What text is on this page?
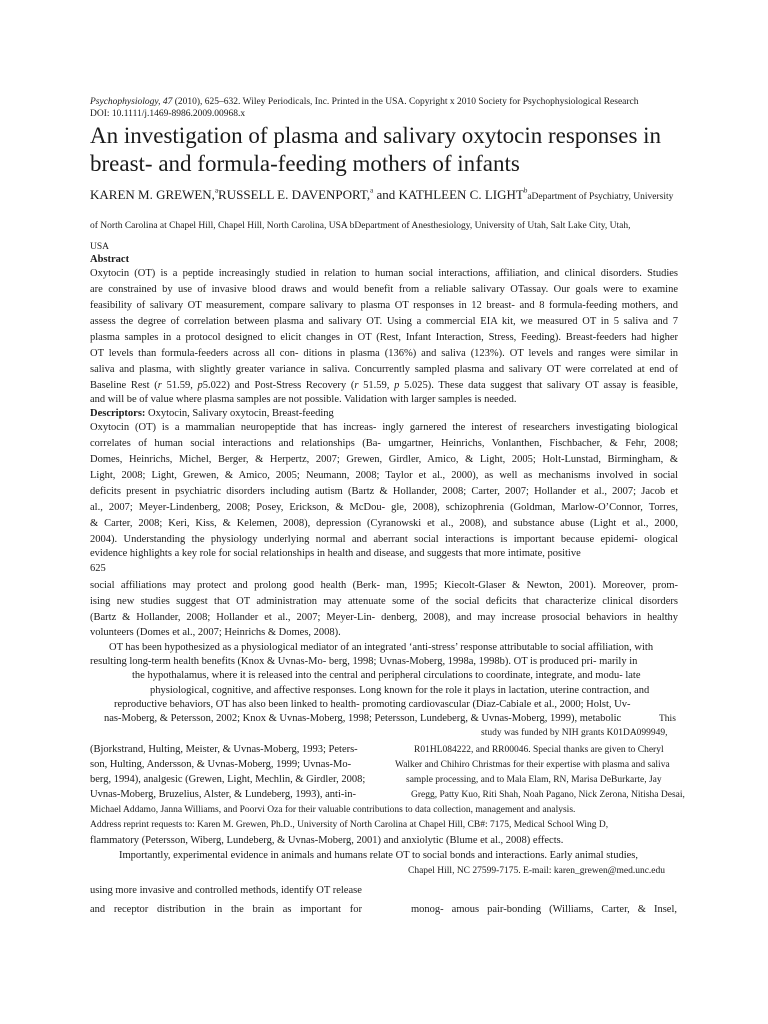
Psychophysiology, 47 (2010), 625–632. Wiley Periodicals, Inc. Printed in the USA. Copyright x 2010 Society for Psychophysiological Research
DOI: 10.1111/j.1469-8986.2009.00968.x
An investigation of plasma and salivary oxytocin responses in
breast- and formula-feeding mothers of infants
KAREN M. GREWEN,$^a$RUSSELL E. DAVENPORT,$^a$ and KATHLEEN C. LIGHT$^b$aDepartment of Psychiatry, University
of North Carolina at Chapel Hill, Chapel Hill, North Carolina, USA bDepartment of Anesthesiology, University of Utah, Salt Lake City, Utah,
USA
Abstract
Oxytocin (OT) is a peptide increasingly studied in relation to human social interactions, affiliation, and clinical disorders. Studies
are constrained by use of invasive blood draws and would benefit from a reliable salivary OTassay. Our goals were to examine
feasibility of salivary OT measurement, compare salivary to plasma OT responses in 12 breast- and 8 formula-feeding mothers, and
assess the degree of correlation between plasma and salivary OT. Using a commercial EIA kit, we measured OT in 5 saliva and 7
plasma samples in a protocol designed to elicit changes in OT (Rest, Infant Interaction, Stress, Feeding). Breast-feeders had higher
OT levels than formula-feeders across all con- ditions in plasma (136%) and saliva (123%). OT levels and ranges were similar in
saliva and plasma, with slightly greater variance in saliva. Concurrently sampled plasma and salivary OT were correlated at end of
Baseline Rest (r 51.59, p5.022) and Post-Stress Recovery (r 51.59, p 5.025). These data suggest that salivary OT assay is feasible,
and will be of value where plasma samples are not possible. Validation with larger samples is needed.
Descriptors: Oxytocin, Salivary oxytocin, Breast-feeding
Oxytocin (OT) is a mammalian neuropeptide that has increas- ingly garnered the interest of researchers investigating biological
correlates of human social interactions and relationships (Ba- umgartner, Heinrichs, Vonlanthen, Fischbacher, & Fehr, 2008;
Domes, Heinrichs, Michel, Berger, & Herpertz, 2007; Grewen, Girdler, Amico, & Light, 2005; Holt-Lunstad, Birmingham, &
Light, 2008; Light, Grewen, & Amico, 2005; Neumann, 2008; Taylor et al., 2000), as well as mechanisms involved in social
deficits present in psychiatric disorders including autism (Bartz & Hollander, 2008; Carter, 2007; Hollander et al., 2007; Jacob et
al., 2007; Meyer-Lindenberg, 2008; Posey, Erickson, & McDou- gle, 2008), schizophrenia (Goldman, Marlow-O’Connor, Torres,
& Carter, 2008; Keri, Kiss, & Kelemen, 2008), depression (Cyranowski et al., 2008), and substance abuse (Light et al., 2000,
2004). Understanding the physiology underlying normal and aberrant social interactions is important because epidemi- ological
evidence highlights a key role for social relationships in health and disease, and suggests that more intimate, positive
625
social affiliations may protect and prolong good health (Berk- man, 1995; Kiecolt-Glaser & Newton, 2001). Moreover, prom-
ising new studies suggest that OT administration may attenuate some of the social deficits that characterize clinical disorders
(Bartz & Hollander, 2008; Hollander et al., 2007; Meyer-Lin- denberg, 2008), and may increase prosocial behaviors in healthy
volunteers (Domes et al., 2007; Heinrichs & Domes, 2008).
OT has been hypothesized as a physiological mediator of an integrated ‘anti-stress’ response attributable to social affiliation, with
resulting long-term health benefits (Knox & Uvnas-Mo- berg, 1998; Uvnas-Moberg, 1998a, 1998b). OT is produced pri- marily in
the hypothalamus, where it is released into the central and peripheral circulations to coordinate, integrate, and modu- late
physiological, cognitive, and affective responses. Long known for the role it plays in lactation, uterine contraction, and
reproductive behaviors, OT has also been linked to health- promoting cardiovascular (Diaz-Cabiale et al., 2000; Holst, Uv-
nas-Moberg, & Petersson, 2002; Knox & Uvnas-Moberg, 1998; Petersson, Lundeberg, & Uvnas-Moberg, 1999), metabolic	This
study was funded by NIH grants K01DA099949,
(Bjorkstrand, Hulting, Meister, & Uvnas-Moberg, 1993; Peters-	R01HL084222, and RR00046. Special thanks are given to Cheryl
son, Hulting, Andersson, & Uvnas-Moberg, 1999; Uvnas-Mo-	Walker and Chihiro Christmas for their expertise with plasma and saliva
berg, 1994), analgesic (Grewen, Light, Mechlin, & Girdler, 2008;	sample processing, and to Mala Elam, RN, Marisa DeBurkarte, Jay
Uvnas-Moberg, Bruzelius, Alster, & Lundeberg, 1993), anti-in-	Gregg, Patty Kuo, Riti Shah, Noah Pagano, Nick Zerona, Nitisha Desai,
Michael Addamo, Janna Williams, and Poorvi Oza for their valuable contributions to data collection, management and analysis.
Address reprint requests to: Karen M. Grewen, Ph.D., University of North Carolina at Chapel Hill, CB#: 7175, Medical School Wing D,
flammatory (Petersson, Wiberg, Lundeberg, & Uvnas-Moberg, 2001) and anxiolytic (Blume et al., 2008) effects.
Importantly, experimental evidence in animals and humans relate OT to social bonds and interactions. Early animal studies,
Chapel Hill, NC 27599-7175. E-mail: karen_grewen@med.unc.edu
using more invasive and controlled methods, identify OT release
and receptor distribution in the brain as important for	monog- amous pair-bonding (Williams, Carter, & Insel,
